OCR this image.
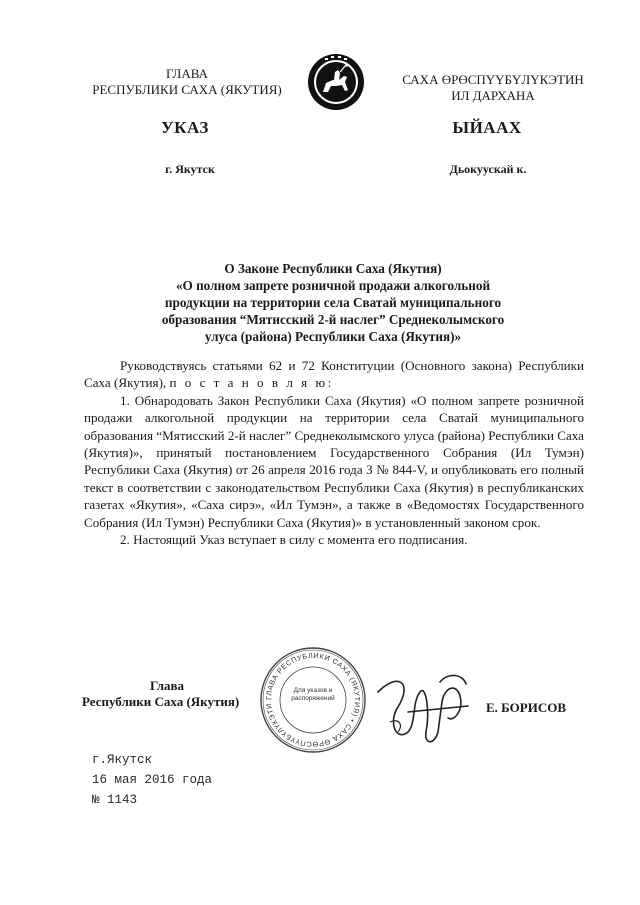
ГЛАВА
РЕСПУБЛИКИ САХА (ЯКУТИЯ)
САХА ӨРӨСПҮҮБҮЛҮКЭТИН
ИЛ ДАРХАНА
УКАЗ	ЫЙААХ
г. Якутск	Дьокуускай к.
О Законе Республики Саха (Якутия)
«О полном запрете розничной продажи алкогольной
продукции на территории села Сватай муниципального
образования “Мятисский 2-й наслег” Среднеколымского
улуса (района) Республики Саха (Якутия)»

Руководствуясь статьями 62 и 72 Конституции (Основного закона) Республики Саха (Якутия), п о с т а н о в л я ю:

1. Обнародовать Закон Республики Саха (Якутия) «О полном запрете розничной продажи алкогольной продукции на территории села Сватай муниципального образования “Мятисский 2-й наслег” Среднеколымского улуса (района) Республики Саха (Якутия)», принятый постановлением Государственного Собрания (Ил Тумэн) Республики Саха (Якутия) от 26 апреля 2016 года З № 844-V, и опубликовать его полный текст в соответствии с законодательством Республики Саха (Якутия) в республиканских газетах «Якутия», «Саха сирэ», «Ил Тумэн», а также в «Ведомостях Государственного Собрания (Ил Тумэн) Республики Саха (Якутия)» в установленный законом срок.

2. Настоящий Указ вступает в силу с момента его подписания.

Глава
Республики Саха (Якутия)	ГЛАВА РЕСПУБЛИКИ САХА (ЯКУТИЯ) • САХА ӨРӨСПҮҮБҮЛҮКЭТИ
Для указов и распоряжений
Е. БОРИСОВ
г.Якутск
16 мая 2016 года
№ 1143
